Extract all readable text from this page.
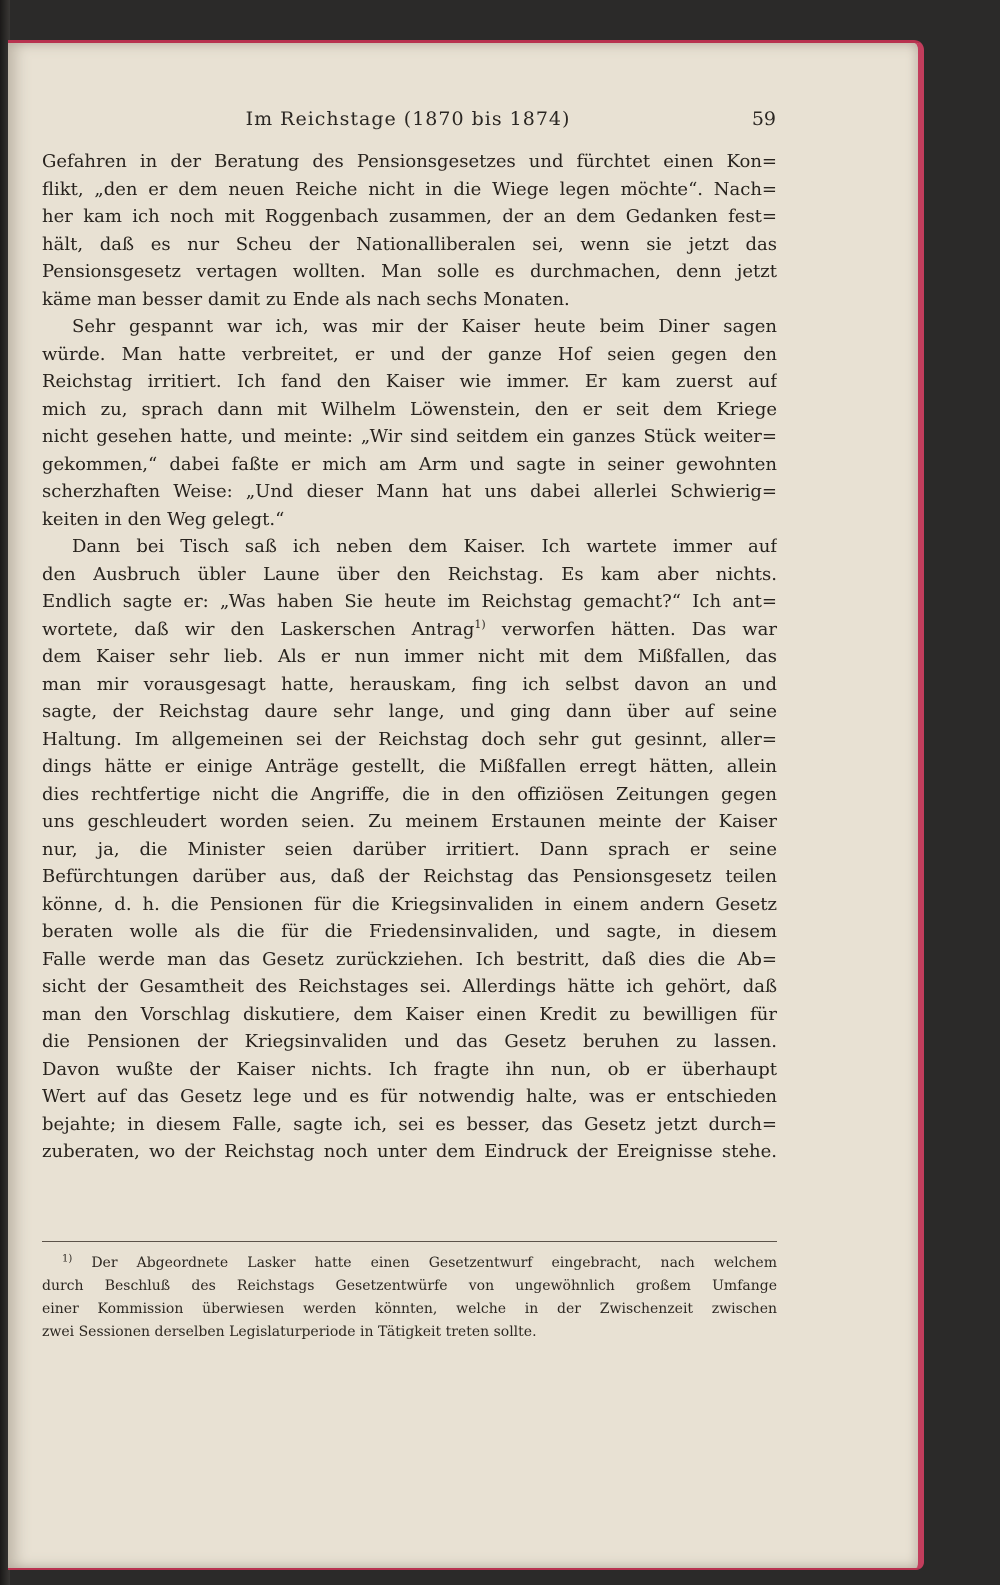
Im Reichstage (1870 bis 1874)	59
Gefahren in der Beratung des Pensionsgesetzes und fürchtet einen Kon=
flikt, „den er dem neuen Reiche nicht in die Wiege legen möchte“. Nach=
her kam ich noch mit Roggenbach zusammen, der an dem Gedanken fest=
hält, daß es nur Scheu der Nationalliberalen sei, wenn sie jetzt das
Pensionsgesetz vertagen wollten. Man solle es durchmachen, denn jetzt
käme man besser damit zu Ende als nach sechs Monaten.
Sehr gespannt war ich, was mir der Kaiser heute beim Diner sagen
würde. Man hatte verbreitet, er und der ganze Hof seien gegen den
Reichstag irritiert. Ich fand den Kaiser wie immer. Er kam zuerst auf
mich zu, sprach dann mit Wilhelm Löwenstein, den er seit dem Kriege
nicht gesehen hatte, und meinte: „Wir sind seitdem ein ganzes Stück weiter=
gekommen,“ dabei faßte er mich am Arm und sagte in seiner gewohnten
scherzhaften Weise: „Und dieser Mann hat uns dabei allerlei Schwierig=
keiten in den Weg gelegt.“
Dann bei Tisch saß ich neben dem Kaiser. Ich wartete immer auf
den Ausbruch übler Laune über den Reichstag. Es kam aber nichts.
Endlich sagte er: „Was haben Sie heute im Reichstag gemacht?“ Ich ant=
wortete, daß wir den Laskerschen Antrag$^{1)}$ verworfen hätten. Das war
dem Kaiser sehr lieb. Als er nun immer nicht mit dem Mißfallen, das
man mir vorausgesagt hatte, herauskam, fing ich selbst davon an und
sagte, der Reichstag daure sehr lange, und ging dann über auf seine
Haltung. Im allgemeinen sei der Reichstag doch sehr gut gesinnt, aller=
dings hätte er einige Anträge gestellt, die Mißfallen erregt hätten, allein
dies rechtfertige nicht die Angriffe, die in den offiziösen Zeitungen gegen
uns geschleudert worden seien. Zu meinem Erstaunen meinte der Kaiser
nur, ja, die Minister seien darüber irritiert. Dann sprach er seine
Befürchtungen darüber aus, daß der Reichstag das Pensionsgesetz teilen
könne, d. h. die Pensionen für die Kriegsinvaliden in einem andern Gesetz
beraten wolle als die für die Friedensinvaliden, und sagte, in diesem
Falle werde man das Gesetz zurückziehen. Ich bestritt, daß dies die Ab=
sicht der Gesamtheit des Reichstages sei. Allerdings hätte ich gehört, daß
man den Vorschlag diskutiere, dem Kaiser einen Kredit zu bewilligen für
die Pensionen der Kriegsinvaliden und das Gesetz beruhen zu lassen.
Davon wußte der Kaiser nichts. Ich fragte ihn nun, ob er überhaupt
Wert auf das Gesetz lege und es für notwendig halte, was er entschieden
bejahte; in diesem Falle, sagte ich, sei es besser, das Gesetz jetzt durch=
zuberaten, wo der Reichstag noch unter dem Eindruck der Ereignisse stehe.
$^{1)}$ Der Abgeordnete Lasker hatte einen Gesetzentwurf eingebracht, nach welchem
durch Beschluß des Reichstags Gesetzentwürfe von ungewöhnlich großem Umfange
einer Kommission überwiesen werden könnten, welche in der Zwischenzeit zwischen
zwei Sessionen derselben Legislaturperiode in Tätigkeit treten sollte.
